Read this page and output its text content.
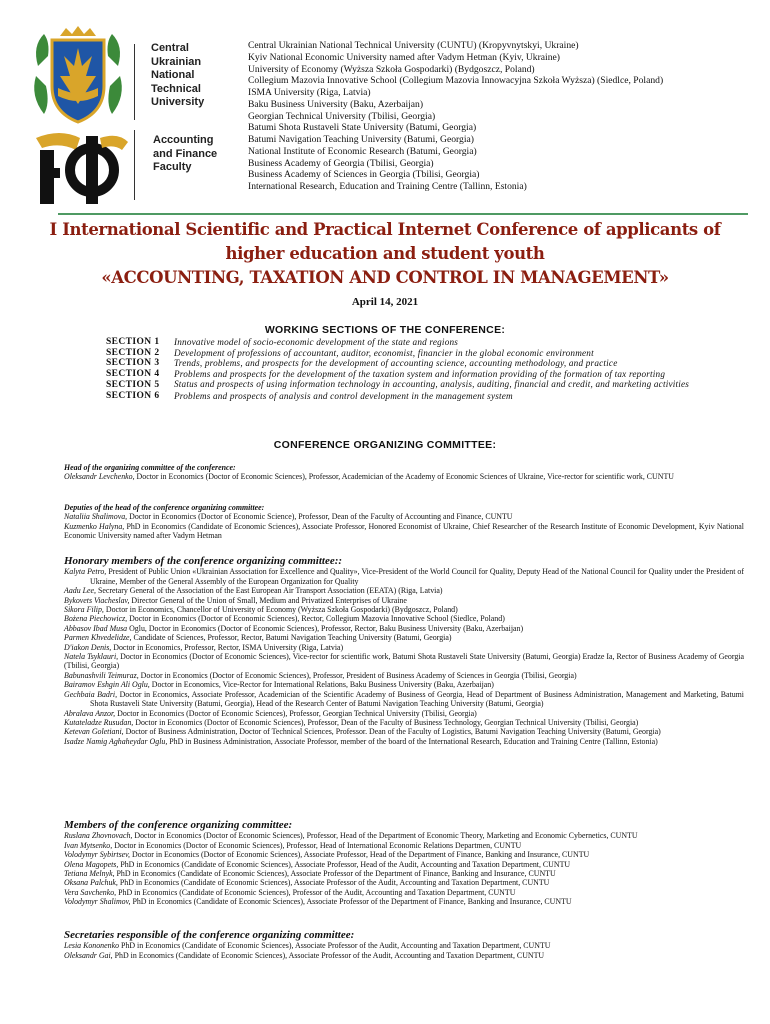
Central
Ukrainian
National
Technical
University
Accounting
and Finance
Faculty
Central Ukrainian National Technical University (CUNTU) (Kropyvnytskyi, Ukraine)
Kyiv National Economic University named after Vadym Hetman (Kyiv, Ukraine)
University of Economy (Wyższa Szkoła Gospodarki) (Bydgoszcz, Poland)
Collegium Mazovia Innovative School (Collegium Mazovia Innowacyjna Szkoła Wyższa) (Siedlce, Poland)
ISMA University (Riga, Latvia)
Baku Business University (Baku, Azerbaijan)
Georgian Technical University (Tbilisi, Georgia)
Batumi Shota Rustaveli State University (Batumi, Georgia)
Batumi Navigation Teaching University (Batumi, Georgia)
National Institute of Economic Research (Batumi, Georgia)
Business Academy of Georgia (Tbilisi, Georgia)
Business Academy of Sciences in Georgia (Tbilisi, Georgia)
International Research, Education and Training Centre (Tallinn, Estonia)
I International Scientific and Practical Internet Conference of applicants of
higher education and student youth
«ACCOUNTING, TAXATION AND CONTROL IN MANAGEMENT»
April 14, 2021
WORKING SECTIONS OF THE CONFERENCE:
SECTION 1	Innovative model of socio-economic development of the state and regions
SECTION 2	Development of professions of accountant, auditor, economist, financier in the global economic environment
SECTION 3	Trends, problems, and prospects for the development of accounting science, accounting methodology, and practice
SECTION 4	Problems and prospects for the development of the taxation system and information providing of the formation of tax reporting
SECTION 5	Status and prospects of using information technology in accounting, analysis, auditing, financial and credit, and marketing activities
SECTION 6	Problems and prospects of analysis and control development in the management system
CONFERENCE ORGANIZING COMMITTEE:
Head of the organizing committee of the conference:
Oleksandr Levchenko, Doctor in Economics (Doctor of Economic Sciences), Professor, Academician of the Academy of Economic Sciences of Ukraine, Vice-rector for scientific work, CUNTU
Deputies of the head of the conference organizing committee:
Nataliia Shalimova, Doctor in Economics (Doctor of Economic Science), Professor, Dean of the Faculty of Accounting and Finance, CUNTU
Kuzmenko Halyna, PhD in Economics (Candidate of Economic Sciences), Associate Professor, Honored Economist of Ukraine, Chief Researcher of the Research Institute of Economic Development, Kyiv National Economic University named after Vadym Hetman
Honorary members of the conference organizing committee::
Kalyta Petro, President of Public Union «Ukrainian Association for Excellence and Quality», Vice-President of the World Council for Quality, Deputy Head of the National Council for Quality under the President of Ukraine, Member of the General Assembly of the European Organization for Quality
Aadu Lee, Secretary General of the Association of the East European Air Transport Association (EEATA) (Riga, Latvia)
Bykovets Viacheslav, Director General of the Union of Small, Medium and Privatized Enterprises of Ukraine
Sikora Filip, Doctor in Economics, Chancellor of University of Economy (Wyższa Szkoła Gospodarki) (Bydgoszcz, Poland)
Bożena Piechowicz, Doctor in Economics (Doctor of Economic Sciences), Rector, Collegium Mazovia Innovative School (Siedlce, Poland)
Abbasov Ibad Musa Oglu, Doctor in Economics (Doctor of Economic Sciences), Professor, Rector, Baku Business University (Baku, Azerbaijan)
Parmen Khvedelidze, Candidate of Sciences, Professor, Rector, Batumi Navigation Teaching University (Batumi, Georgia)
D'iakon Denis, Doctor in Economics, Professor, Rector, ISMA University (Riga, Latvia)
Natela Tsyklauri, Doctor in Economics (Doctor of Economic Sciences), Vice-rector for scientific work, Batumi Shota Rustaveli State University (Batumi, Georgia) Eradze Ia, Rector of Business Academy of Georgia (Tbilisi, Georgia)
Babunashvili Teimuraz, Doctor in Economics (Doctor of Economic Sciences), Professor, President of Business Academy of Sciences in Georgia (Tbilisi, Georgia)
Bairamov Eshgin Ali Oglu, Doctor in Economics, Vice-Rector for International Relations, Baku Business University (Baku, Azerbaijan)
Gechbaia Badri, Doctor in Economics, Associate Professor, Academician of the Scientific Academy of Business of Georgia, Head of Department of Business Administration, Management and Marketing, Batumi Shota Rustaveli State University (Batumi, Georgia), Head of the Research Center of Batumi Navigation Teaching University (Batumi, Georgia)
Abralava Anzor, Doctor in Economics (Doctor of Economic Sciences), Professor, Georgian Technical University (Tbilisi, Georgia)
Kutateladze Rusudan, Doctor in Economics (Doctor of Economic Sciences), Professor, Dean of the Faculty of Business Technology, Georgian Technical University (Tbilisi, Georgia)
Ketevan Goletiani, Doctor of Business Administration, Doctor of Technical Sciences, Professor. Dean of the Faculty of Logistics, Batumi Navigation Teaching University (Batumi, Georgia)
Isadze Namig Aghaheydar Oglu, PhD in Business Administration, Associate Professor, member of the board of the International Research, Education and Training Centre (Tallinn, Estonia)
Members of the conference organizing committee:
Ruslana Zhovnovach, Doctor in Economics (Doctor of Economic Sciences), Professor, Head of the Department of Economic Theory, Marketing and Economic Cybernetics, CUNTU
Ivan Mytsenko, Doctor in Economics (Doctor of Economic Sciences), Professor, Head of International Economic Relations Departmen, CUNTU
Volodymyr Sybirtsev, Doctor in Economics (Doctor of Economic Sciences), Associate Professor, Head of the Department of Finance, Banking and Insurance, CUNTU
Olena Magopets, PhD in Economics (Candidate of Economic Sciences), Associate Professor, Head of the Audit, Accounting and Taxation Department, CUNTU
Tetiana Melnyk, PhD in Economics (Candidate of Economic Sciences), Associate Professor of the Department of Finance, Banking and Insurance, CUNTU
Oksana Palchuk, PhD in Economics (Candidate of Economic Sciences), Associate Professor of the Audit, Accounting and Taxation Department, CUNTU
Vera Savchenko, PhD in Economics (Candidate of Economic Sciences), Professor of the Audit, Accounting and Taxation Department, CUNTU
Volodymyr Shalimov, PhD in Economics (Candidate of Economic Sciences), Associate Professor of the Department of Finance, Banking and Insurance, CUNTU
Secretaries responsible of the conference organizing committee:
Lesia Kononenko PhD in Economics (Candidate of Economic Sciences), Associate Professor of the Audit, Accounting and Taxation Department, CUNTU
Oleksandr Gai, PhD in Economics (Candidate of Economic Sciences), Associate Professor of the Audit, Accounting and Taxation Department, CUNTU
